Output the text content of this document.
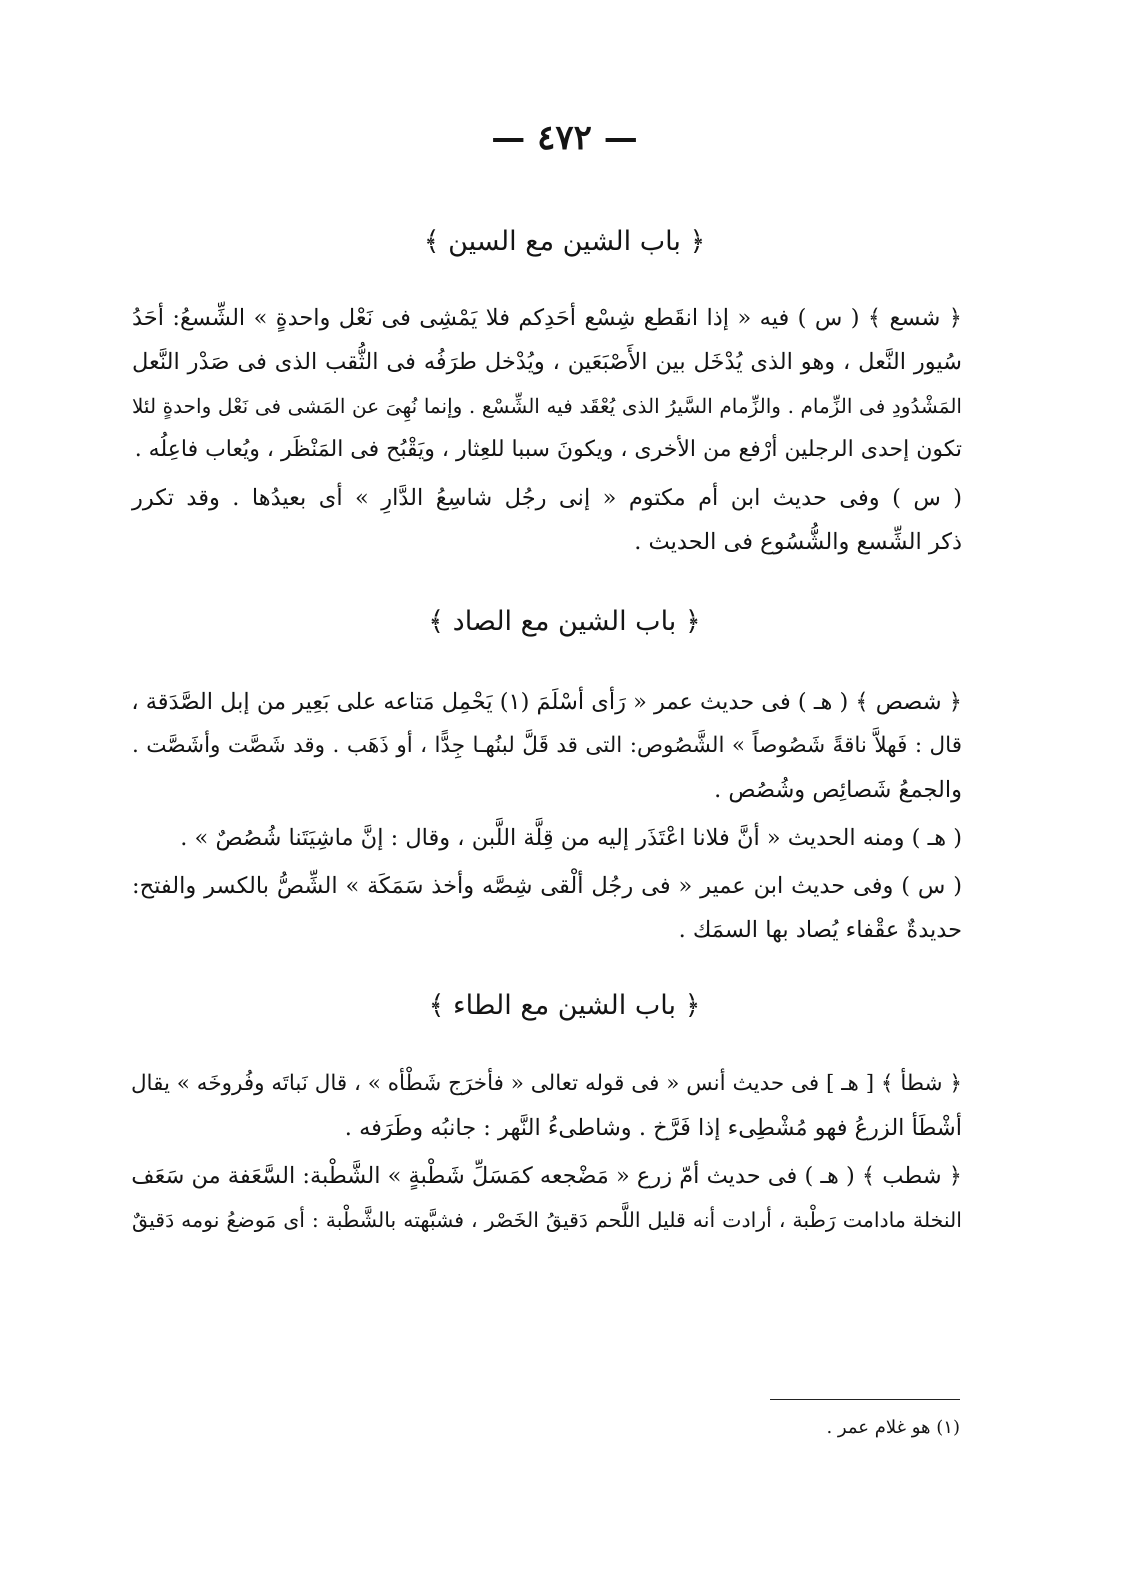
— ٤٧٢ —
﴿ باب الشين مع السين ﴾
﴿ شسع ﴾ ( س ) فيه « إذا انقَطع شِسْع أحَدِكم فلا يَمْشِى فى نَعْل واحدةٍ » الشِّسعُ: أحَدُ
سُيور النَّعل ، وهو الذى يُدْخَل بين الأَصْبَعَين ، ويُدْخل طرَفُه فى الثُّقب الذى فى صَدْر النَّعل
المَشْدُودِ فى الزِّمام . والزِّمام السَّيرُ الذى يُعْقَد فيه الشِّسْع . وإنما نُهِىَ عن المَشى فى نَعْل واحدةٍ لئلا
تكون إحدى الرجلين أرْفع من الأخرى ، ويكونَ سببا للعِثار ، ويَقْبُح فى المَنْظَر ، ويُعاب فاعِلُه .
( س ) وفى حديث ابن أم مكتوم « إنى رجُل شاسِعُ الدَّارِ » أى بعيدُها . وقد تكرر
ذكر الشِّسع والشُّسُوع فى الحديث .
﴿ باب الشين مع الصاد ﴾
﴿ شصص ﴾ ( هـ ) فى حديث عمر « رَأى أسْلَمَ (١) يَحْمِل مَتاعه على بَعِير من إبل الصَّدَقة ،
قال : فَهلاَّ ناقةً شَصُوصاً » الشَّصُوص: التى قد قَلَّ لبنُهـا جِدًّا ، أو ذَهَب . وقد شَصَّت وأشَصَّت .
والجمعُ شَصائِص وشُصُص .
( هـ ) ومنه الحديث « أنَّ فلانا اعْتَذَر إليه من قِلَّة اللَّبن ، وقال : إنَّ ماشِيَتَنا شُصُصٌ » .
( س ) وفى حديث ابن عمير « فى رجُل ألْقى شِصَّه وأخذ سَمَكَة » الشِّصُّ بالكسر والفتح:
حديدةٌ عقْفاء يُصاد بها السمَك .
﴿ باب الشين مع الطاء ﴾
﴿ شطأ ﴾ [ هـ ] فى حديث أنس « فى قوله تعالى « فأخرَج شَطْأه » ، قال نَباتَه وفُروخَه » يقال
أشْطَأ الزرعُ فهو مُشْطِىء إذا فَرَّخ . وشاطىءُ النَّهر : جانبُه وطَرَفه .
﴿ شطب ﴾ ( هـ ) فى حديث أمّ زرع « مَضْجعه كمَسَلِّ شَطْبةٍ » الشَّطْبة: السَّعَفة من سَعَف
النخلة مادامت رَطْبة ، أرادت أنه قليل اللَّحم دَقيقُ الخَصْر ، فشبَّهته بالشَّطْبة : أى مَوضعُ نومه دَقيقٌ
(١) هو غلام عمر .
